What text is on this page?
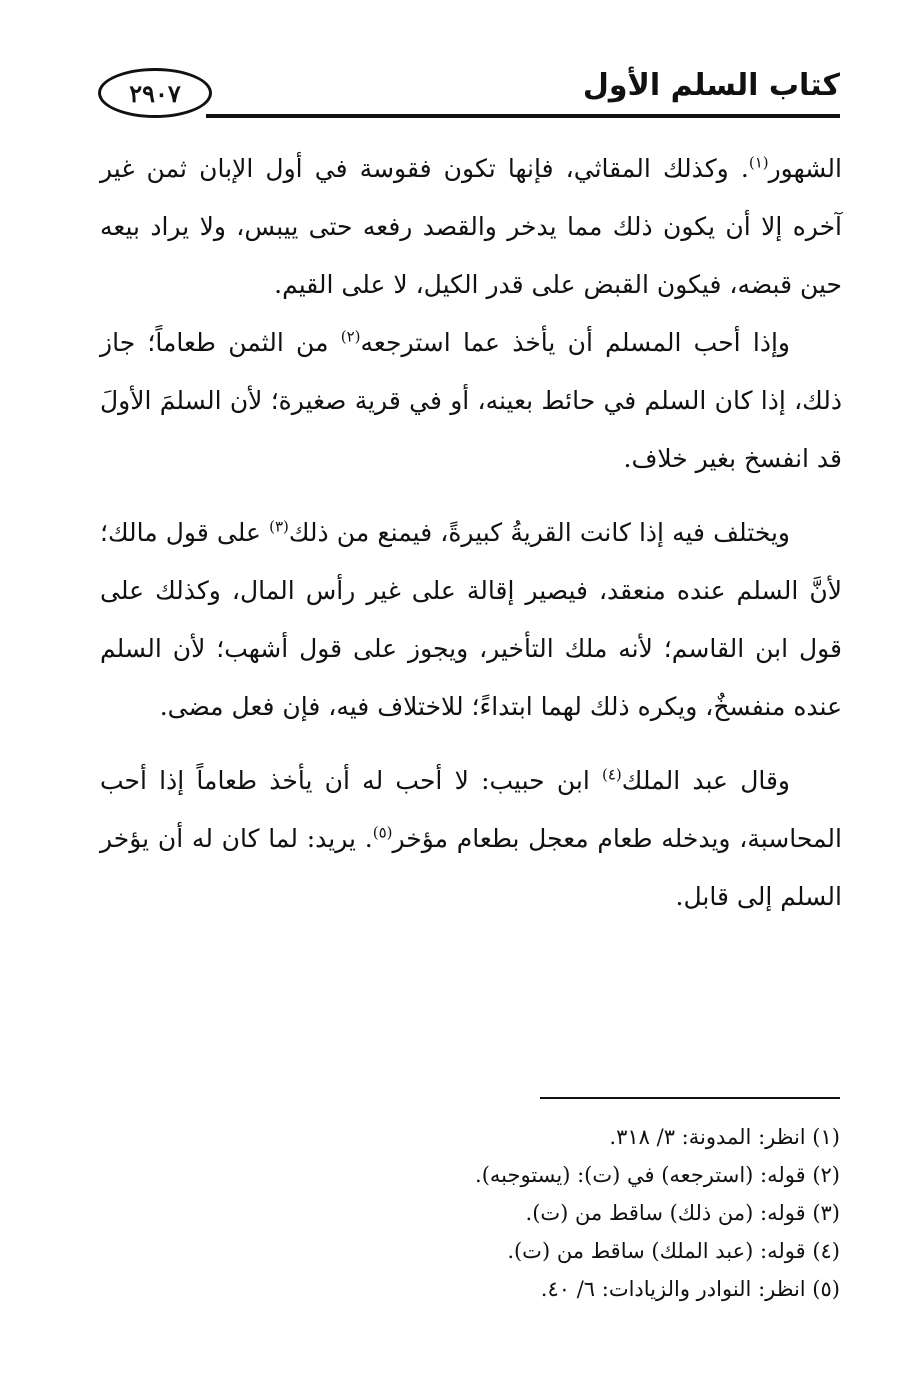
٢٩٠٧	كتاب السلم الأول

الشهور$^{(١)}$. وكذلك المقاثي، فإنها تكون فقوسة في أول الإبان ثمن غير آخره إلا أن يكون ذلك مما يدخر والقصد رفعه حتى ييبس، ولا يراد بيعه حين قبضه، فيكون القبض على قدر الكيل، لا على القيم.

وإذا أحب المسلم أن يأخذ عما استرجعه$^{(٢)}$ من الثمن طعاماً؛ جاز ذلك، إذا كان السلم في حائط بعينه، أو في قرية صغيرة؛ لأن السلمَ الأولَ قد انفسخ بغير خلاف.

ويختلف فيه إذا كانت القريةُ كبيرةً، فيمنع من ذلك$^{(٣)}$ على قول مالك؛ لأنَّ السلم عنده منعقد، فيصير إقالة على غير رأس المال، وكذلك على قول ابن القاسم؛ لأنه ملك التأخير، ويجوز على قول أشهب؛ لأن السلم عنده منفسخٌ، ويكره ذلك لهما ابتداءً؛ للاختلاف فيه، فإن فعل مضى.

وقال عبد الملك$^{(٤)}$ ابن حبيب: لا أحب له أن يأخذ طعاماً إذا أحب المحاسبة، ويدخله طعام معجل بطعام مؤخر$^{(٥)}$. يريد: لما كان له أن يؤخر السلم إلى قابل.

(١) انظر: المدونة: ٣/ ٣١٨.
(٢) قوله: (استرجعه) في (ت): (يستوجبه).
(٣) قوله: (من ذلك) ساقط من (ت).
(٤) قوله: (عبد الملك) ساقط من (ت).
(٥) انظر: النوادر والزيادات: ٦/ ٤٠.
